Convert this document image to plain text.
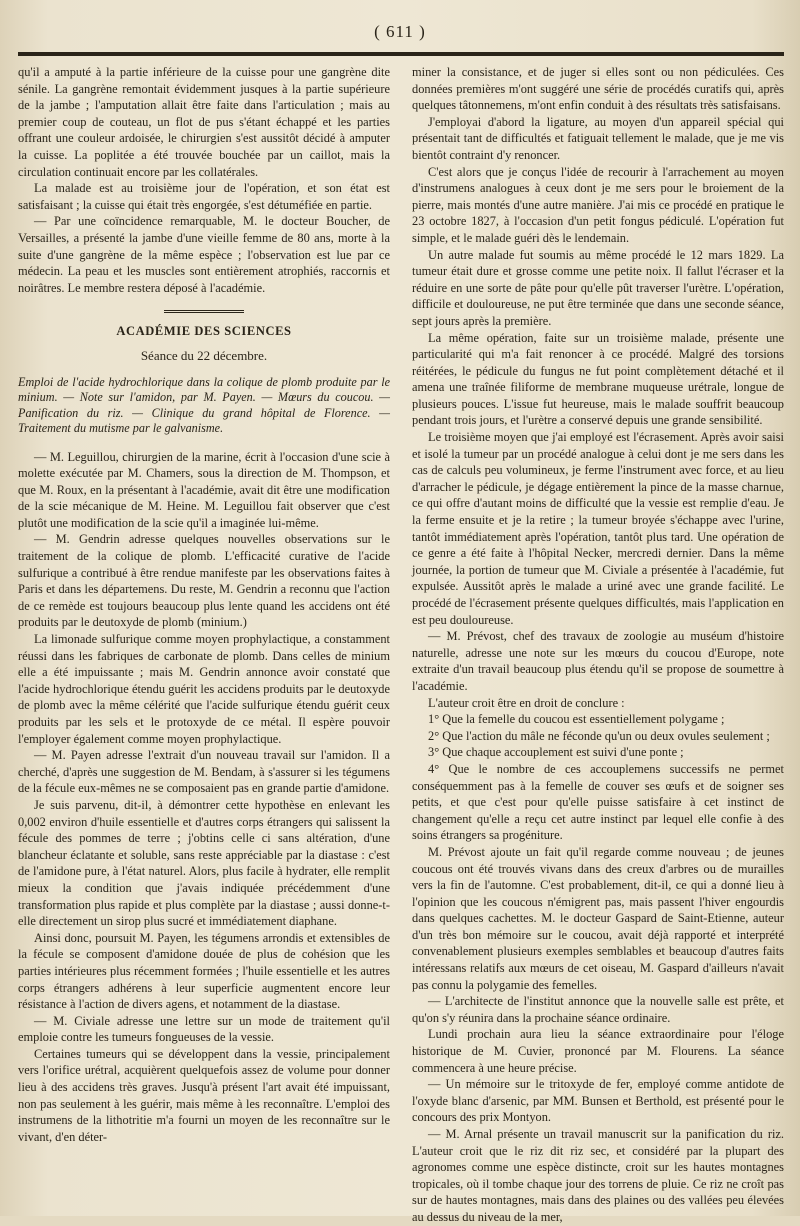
( 611 )

qu'il a amputé à la partie inférieure de la cuisse pour une gangrène dite sénile. La gangrène remontait évidemment jusques à la partie supérieure de la jambe ; l'amputation allait être faite dans l'articulation ; mais au premier coup de couteau, un flot de pus s'étant échappé et les parties offrant une couleur ardoisée, le chirurgien s'est aussitôt décidé à amputer la cuisse. La poplitée a été trouvée bouchée par un caillot, mais la circulation continuait encore par les collatérales.

La malade est au troisième jour de l'opération, et son état est satisfaisant ; la cuisse qui était très engorgée, s'est détuméfiée en partie.

— Par une coïncidence remarquable, M. le docteur Boucher, de Versailles, a présenté la jambe d'une vieille femme de 80 ans, morte à la suite d'une gangrène de la même espèce ; l'observation est lue par ce médecin. La peau et les muscles sont entièrement atrophiés, raccornis et noirâtres. Le membre restera déposé à l'académie.

ACADÉMIE DES SCIENCES
Séance du 22 décembre.
Emploi de l'acide hydrochlorique dans la colique de plomb produite par le minium. — Note sur l'amidon, par M. Payen. — Mœurs du coucou. — Panification du riz. — Clinique du grand hôpital de Florence. — Traitement du mutisme par le galvanisme.

— M. Leguillou, chirurgien de la marine, écrit à l'occasion d'une scie à molette exécutée par M. Chamers, sous la direction de M. Thompson, et que M. Roux, en la présentant à l'académie, avait dit être une modification de la scie mécanique de M. Heine. M. Leguillou fait observer que c'est plutôt une modification de la scie qu'il a imaginée lui-même.

— M. Gendrin adresse quelques nouvelles observations sur le traitement de la colique de plomb. L'efficacité curative de l'acide sulfurique a contribué à être rendue manifeste par les observations faites à Paris et dans les départemens. Du reste, M. Gendrin a reconnu que l'action de ce remède est toujours beaucoup plus lente quand les accidens ont été produits par le deutoxyde de plomb (minium.)

La limonade sulfurique comme moyen prophylactique, a constamment réussi dans les fabriques de carbonate de plomb. Dans celles de minium elle a été impuissante ; mais M. Gendrin annonce avoir constaté que l'acide hydrochlorique étendu guérit les accidens produits par le deutoxyde de plomb avec la même célérité que l'acide sulfurique étendu guérit ceux produits par les sels et le protoxyde de ce métal. Il espère pouvoir l'employer également comme moyen prophylactique.

— M. Payen adresse l'extrait d'un nouveau travail sur l'amidon. Il a cherché, d'après une suggestion de M. Bendam, à s'assurer si les tégumens de la fécule eux-mêmes ne se composaient pas en grande partie d'amidone.

Je suis parvenu, dit-il, à démontrer cette hypothèse en enlevant les 0,002 environ d'huile essentielle et d'autres corps étrangers qui salissent la fécule des pommes de terre ; j'obtins celle ci sans altération, d'une blancheur éclatante et soluble, sans reste appréciable par la diastase : c'est de l'amidone pure, à l'état naturel. Alors, plus facile à hydrater, elle remplit mieux la condition que j'avais indiquée précédemment d'une transformation plus rapide et plus complète par la diastase ; aussi donne-t-elle directement un sirop plus sucré et immédiatement diaphane.

Ainsi donc, poursuit M. Payen, les tégumens arrondis et extensibles de la fécule se composent d'amidone douée de plus de cohésion que les parties intérieures plus récemment formées ; l'huile essentielle et les autres corps étrangers adhérens à leur superficie augmentent encore leur résistance à l'action de divers agens, et notamment de la diastase.

— M. Civiale adresse une lettre sur un mode de traitement qu'il emploie contre les tumeurs fongueuses de la vessie.

Certaines tumeurs qui se développent dans la vessie, principalement vers l'orifice urétral, acquièrent quelquefois assez de volume pour donner lieu à des accidens très graves. Jusqu'à présent l'art avait été impuissant, non pas seulement à les guérir, mais même à les reconnaître. L'emploi des instrumens de la lithotritie m'a fourni un moyen de les reconnaître sur le vivant, d'en déter-

miner la consistance, et de juger si elles sont ou non pédiculées. Ces données premières m'ont suggéré une série de procédés curatifs qui, après quelques tâtonnemens, m'ont enfin conduit à des résultats très satisfaisans.

J'employai d'abord la ligature, au moyen d'un appareil spécial qui présentait tant de difficultés et fatiguait tellement le malade, que je me vis bientôt contraint d'y renoncer.

C'est alors que je conçus l'idée de recourir à l'arrachement au moyen d'instrumens analogues à ceux dont je me sers pour le broiement de la pierre, mais montés d'une autre manière. J'ai mis ce procédé en pratique le 23 octobre 1827, à l'occasion d'un petit fongus pédiculé. L'opération fut simple, et le malade guéri dès le lendemain.

Un autre malade fut soumis au même procédé le 12 mars 1829. La tumeur était dure et grosse comme une petite noix. Il fallut l'écraser et la réduire en une sorte de pâte pour qu'elle pût traverser l'urètre. L'opération, difficile et douloureuse, ne put être terminée que dans une seconde séance, sept jours après la première.

La même opération, faite sur un troisième malade, présente une particularité qui m'a fait renoncer à ce procédé. Malgré des torsions réitérées, le pédicule du fungus ne fut point complètement détaché et il amena une traînée filiforme de membrane muqueuse urétrale, longue de plusieurs pouces. L'issue fut heureuse, mais le malade souffrit beaucoup pendant trois jours, et l'urètre a conservé depuis une grande sensibilité.

Le troisième moyen que j'ai employé est l'écrasement. Après avoir saisi et isolé la tumeur par un procédé analogue à celui dont je me sers dans les cas de calculs peu volumineux, je ferme l'instrument avec force, et au lieu d'arracher le pédicule, je dégage entièrement la pince de la masse charnue, ce qui offre d'autant moins de difficulté que la vessie est remplie d'eau. Je la ferme ensuite et je la retire ; la tumeur broyée s'échappe avec l'urine, tantôt immédiatement après l'opération, tantôt plus tard. Une opération de ce genre a été faite à l'hôpital Necker, mercredi dernier. Dans la même journée, la portion de tumeur que M. Civiale a présentée à l'académie, fut expulsée. Aussitôt après le malade a uriné avec une grande facilité. Le procédé de l'écrasement présente quelques difficultés, mais l'application en est peu douloureuse.

— M. Prévost, chef des travaux de zoologie au muséum d'histoire naturelle, adresse une note sur les mœurs du coucou d'Europe, note extraite d'un travail beaucoup plus étendu qu'il se propose de soumettre à l'académie.

L'auteur croit être en droit de conclure :

1° Que la femelle du coucou est essentiellement polygame ;

2° Que l'action du mâle ne féconde qu'un ou deux ovules seulement ;

3° Que chaque accouplement est suivi d'une ponte ;

4° Que le nombre de ces accouplemens successifs ne permet conséquemment pas à la femelle de couver ses œufs et de soigner ses petits, et que c'est pour qu'elle puisse satisfaire à cet instinct de changement qu'elle a reçu cet autre instinct par lequel elle confie à des soins étrangers sa progéniture.

M. Prévost ajoute un fait qu'il regarde comme nouveau ; de jeunes coucous ont été trouvés vivans dans des creux d'arbres ou de murailles vers la fin de l'automne. C'est probablement, dit-il, ce qui a donné lieu à l'opinion que les coucous n'émigrent pas, mais passent l'hiver engourdis dans quelques cachettes. M. le docteur Gaspard de Saint-Etienne, auteur d'un très bon mémoire sur le coucou, avait déjà rapporté et interprété convenablement plusieurs exemples semblables et beaucoup d'autres faits intéressans relatifs aux mœurs de cet oiseau, M. Gaspard d'ailleurs n'avait pas connu la polygamie des femelles.

— L'architecte de l'institut annonce que la nouvelle salle est prête, et qu'on s'y réunira dans la prochaine séance ordinaire.

Lundi prochain aura lieu la séance extraordinaire pour l'éloge historique de M. Cuvier, prononcé par M. Flourens. La séance commencera à une heure précise.

— Un mémoire sur le tritoxyde de fer, employé comme antidote de l'oxyde blanc d'arsenic, par MM. Bunsen et Berthold, est présenté pour le concours des prix Montyon.

— M. Arnal présente un travail manuscrit sur la panification du riz. L'auteur croit que le riz dit riz sec, et considéré par la plupart des agronomes comme une espèce distincte, croit sur les hautes montagnes tropicales, où il tombe chaque jour des torrens de pluie. Ce riz ne croît pas sur de hautes montagnes, mais dans des plaines ou des vallées peu élevées au dessus du niveau de la mer,
